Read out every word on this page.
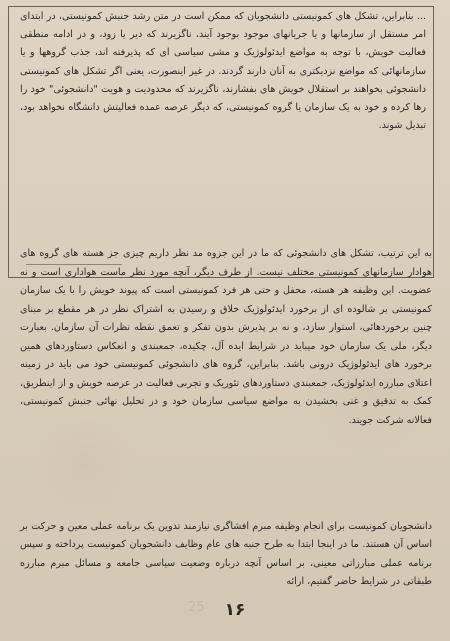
... بنابراین، تشکل های کمونیستی دانشجویان که ممکن است در متن رشد جنبش کمونیستی، در ابتدای امر مستقل از سازمانها و یا جریانهای موجود بوجود آیند، ناگزیرند که دیر یا زود، و در ادامه منطقی فعالیت خویش، با توجه به مواضع ایدئولوژیک و مشی سیاسی ای که پذیرفته اند، جذب گروهها و یا سازمانهائی که مواضع نزدیکتری به آنان دارند گردند. در غیر اینصورت، یعنی اگر تشکل های کمونیستی دانشجوئی بخواهند بر استقلال خویش های بفشارند، ناگزیرند که محدودیت و هویت "دانشجوئی" خود را رها کرده و خود به یک سازمان یا گروه کمونیستی، که دیگر عرصه عمده فعالیتش دانشگاه نخواهد بود، تبدیل شوند.

به این ترتیب، تشکل های دانشجوئی که ما در این جزوه مد نظر داریم چیزی جز هسته های گروه های هوادار سازمانهای کمونیستی مختلف نیست. از طرف دیگر، آنچه مورد نظر ماست هواداری است و نه عضویت. این وظیفه هر هسته، محفل و حتی هر فرد کمونیستی است که پیوند خویش را با یک سازمان کمونیستی بر شالوده ای از برخورد ایدئولوژیک خلاق و رسیدن به اشتراک نظر در هر مقطع بر مبنای چنین برخوردهائی، استوار سازد، و نه بر پذیرش بدون تفکر و تعمق نقطه نظرات آن سازمان. بعبارت دیگر، ملی یک سازمان خود میباید در شرایط ایده آل، چکیده، جمعبندی و انعکاس دستاوردهای همین برخورد های ایدئولوژیک درونی باشد. بنابراین، گروه های دانشجوئی کمونیستی خود می باید در زمینه اعتلای مبارزه ایدئولوژیک، جمعبندی دستاوردهای تئوریک و تجربی فعالیت در عرصه خویش و از اینطریق، کمک به تدقیق و غنی بخشیدن به مواضع سیاسی سازمان خود و در تحلیل نهائی جنبش کمونیستی، فعالانه شرکت جویند.

دانشجویان کمونیست برای انجام وظیفه مبرم افشاگری نیازمند تدوین یک برنامه عملی معین و حرکت بر اساس آن هستند. ما در اینجا ابتدا به طرح جنبه های عام وظایف دانشجویان کمونیست پرداخته و سپس برنامه عملی مبارزاتی معینی، بر اساس آنچه درباره وضعیت سیاسی جامعه و مسائل مبرم مبارزه طبقاتی در شرایط حاضر گفتیم، ارائه

25	١۶
